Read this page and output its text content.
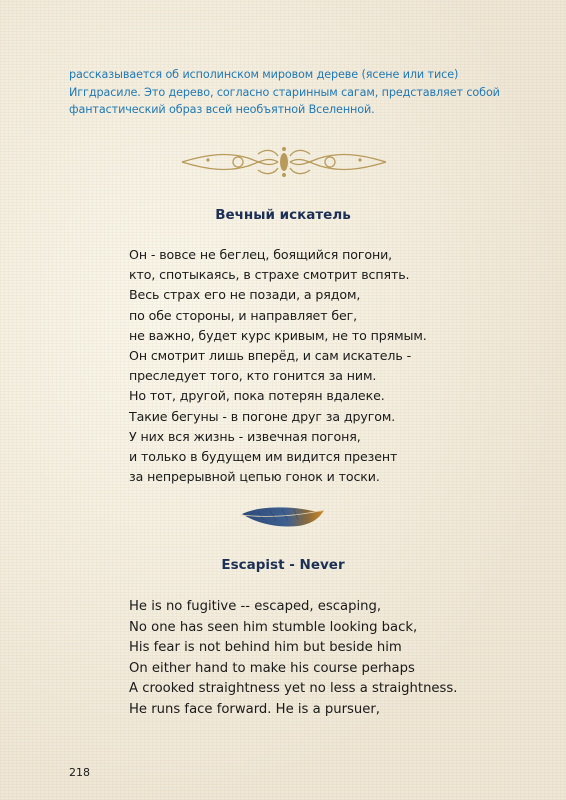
рассказывается об исполинском мировом дереве (ясене или тисе)
Иггдрасиле. Это дерево, согласно старинным сагам, представляет собой
фантастический образ всей необъятной Вселенной.
Вечный искатель
Он - вовсе не беглец, боящийся погони,
кто, спотыкаясь, в страхе смотрит вспять.
Весь страх его не позади, а рядом,
по обе стороны, и направляет бег,
не важно, будет курс кривым, не то прямым.
Он смотрит лишь вперёд, и сам искатель -
преследует того, кто гонится за ним.
Но тот, другой, пока потерян вдалеке.
Такие бегуны - в погоне друг за другом.
У них вся жизнь - извечная погоня,
и только в будущем им видится презент
за непрерывной цепью гонок и тоски.
Escapist - Never
He is no fugitive -- escaped, escaping,
No one has seen him stumble looking back,
His fear is not behind him but beside him
On either hand to make his course perhaps
A crooked straightness yet no less a straightness.
He runs face forward. He is a pursuer,
218
